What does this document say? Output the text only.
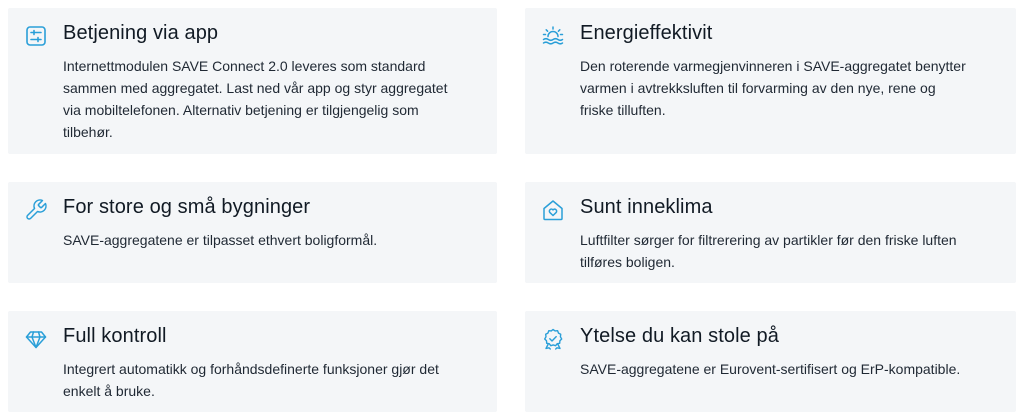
Betjening via app
Internettmodulen SAVE Connect 2.0 leveres som standard
sammen med aggregatet. Last ned vår app og styr aggregatet
via mobiltelefonen. Alternativ betjening er tilgjengelig som
tilbehør.
Energieffektivit
Den roterende varmegjenvinneren i SAVE-aggregatet benytter
varmen i avtrekksluften til forvarming av den nye, rene og
friske tilluften.
For store og små bygninger
SAVE-aggregatene er tilpasset ethvert boligformål.
Sunt inneklima
Luftfilter sørger for filtrerering av partikler før den friske luften
tilføres boligen.
Full kontroll
Integrert automatikk og forhåndsdefinerte funksjoner gjør det
enkelt å bruke.
Ytelse du kan stole på
SAVE-aggregatene er Eurovent-sertifisert og ErP-kompatible.
